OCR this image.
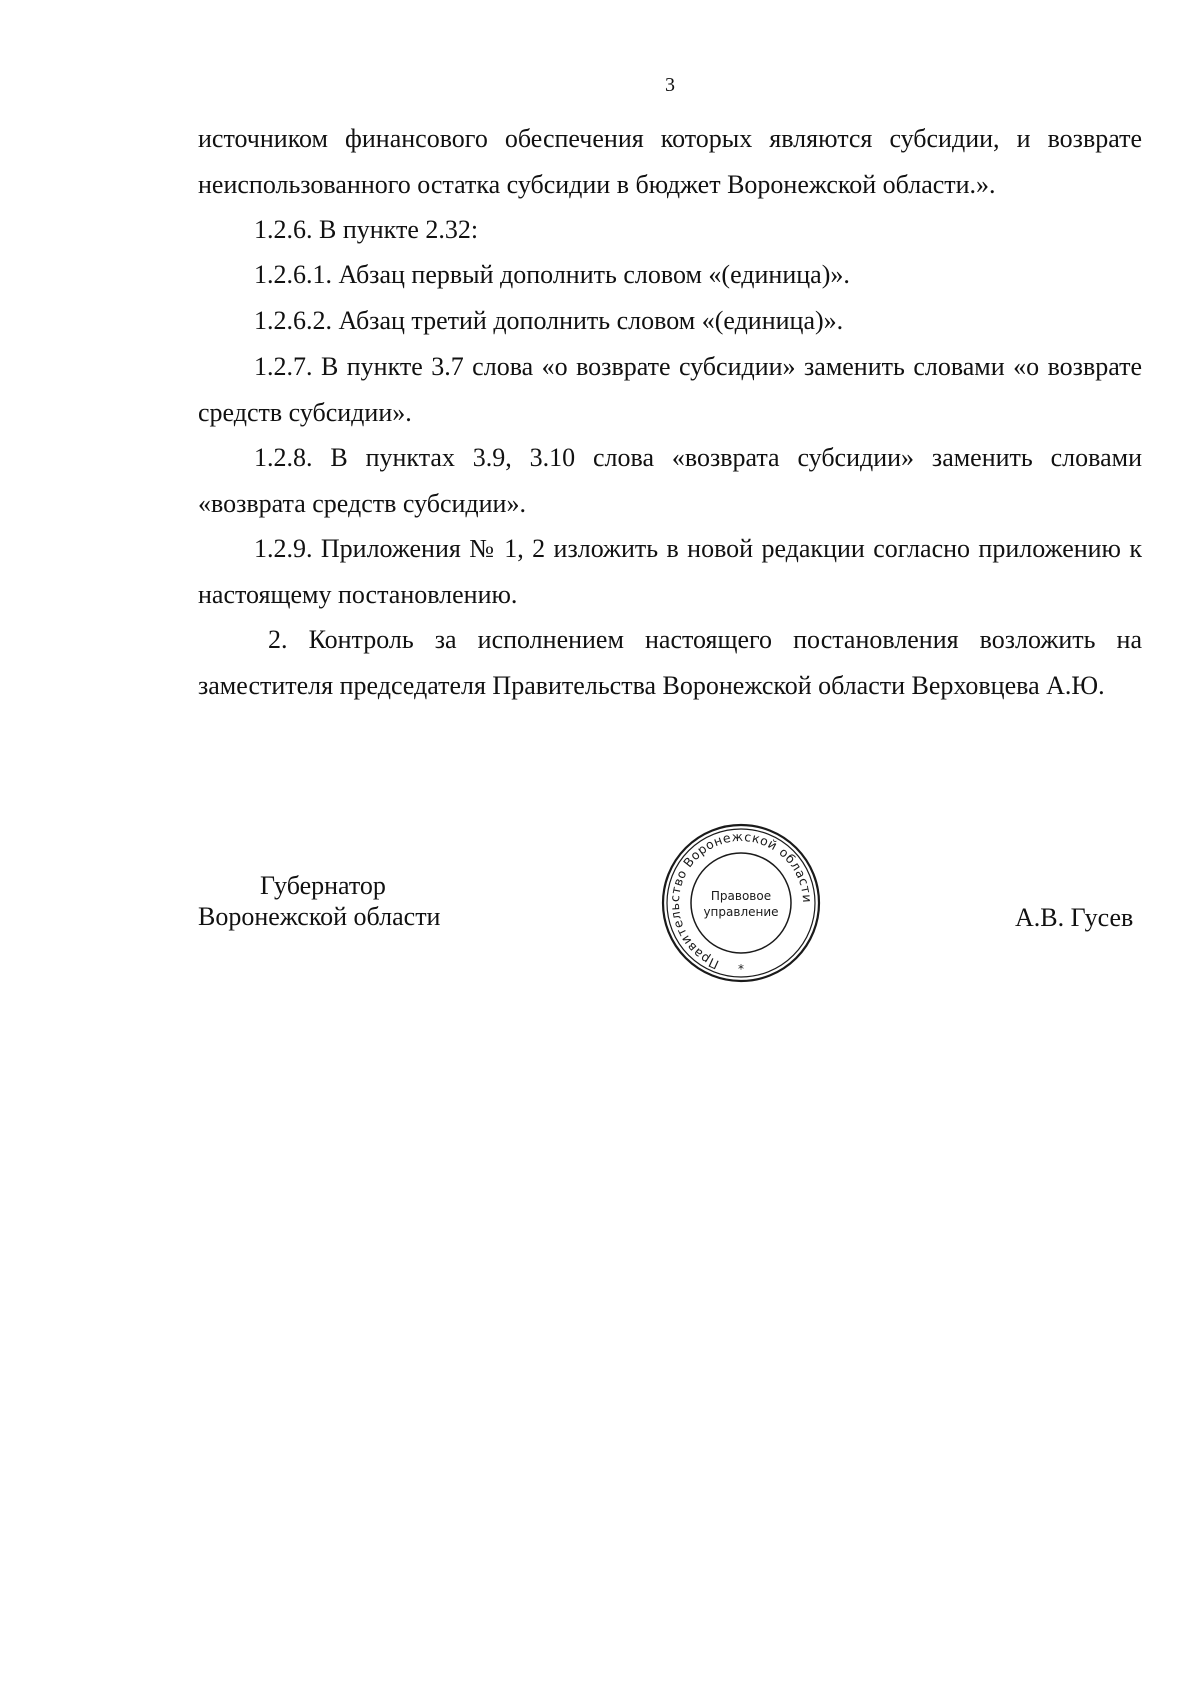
3

источником финансового обеспечения которых являются субсидии, и возврате неиспользованного остатка субсидии в бюджет Воронежской области.».

1.2.6. В пункте 2.32:

1.2.6.1. Абзац первый дополнить словом «(единица)».

1.2.6.2. Абзац третий дополнить словом «(единица)».

1.2.7. В пункте 3.7 слова «о возврате субсидии» заменить словами «о возврате средств субсидии».

1.2.8. В пунктах 3.9, 3.10 слова «возврата субсидии» заменить словами «возврата средств субсидии».

1.2.9. Приложения № 1, 2 изложить в новой редакции согласно приложению к настоящему постановлению.

2. Контроль за исполнением настоящего постановления возложить на заместителя председателя Правительства Воронежской области Верховцева А.Ю.

Губернатор
Воронежской области
Правительство Воронежской области
Правовое
управление
*
А.В. Гусев
